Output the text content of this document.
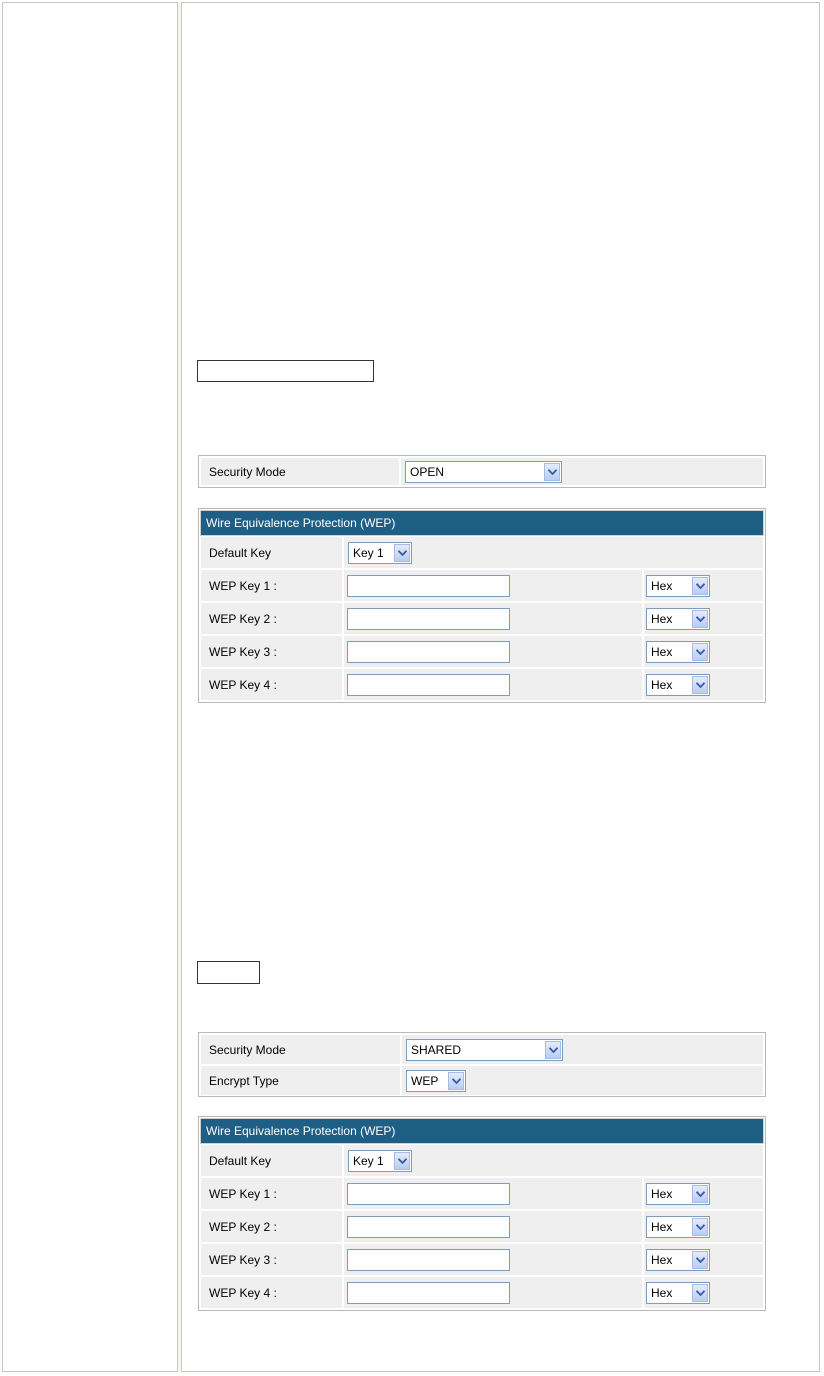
Security Mode	OPEN
Wire Equivalence Protection (WEP)
Default Key	Key 1
WEP Key 1 :	Hex
WEP Key 2 :	Hex
WEP Key 3 :	Hex
WEP Key 4 :	Hex
Security Mode	SHARED
Encrypt Type	WEP
Wire Equivalence Protection (WEP)
Default Key	Key 1
WEP Key 1 :	Hex
WEP Key 2 :	Hex
WEP Key 3 :	Hex
WEP Key 4 :	Hex
